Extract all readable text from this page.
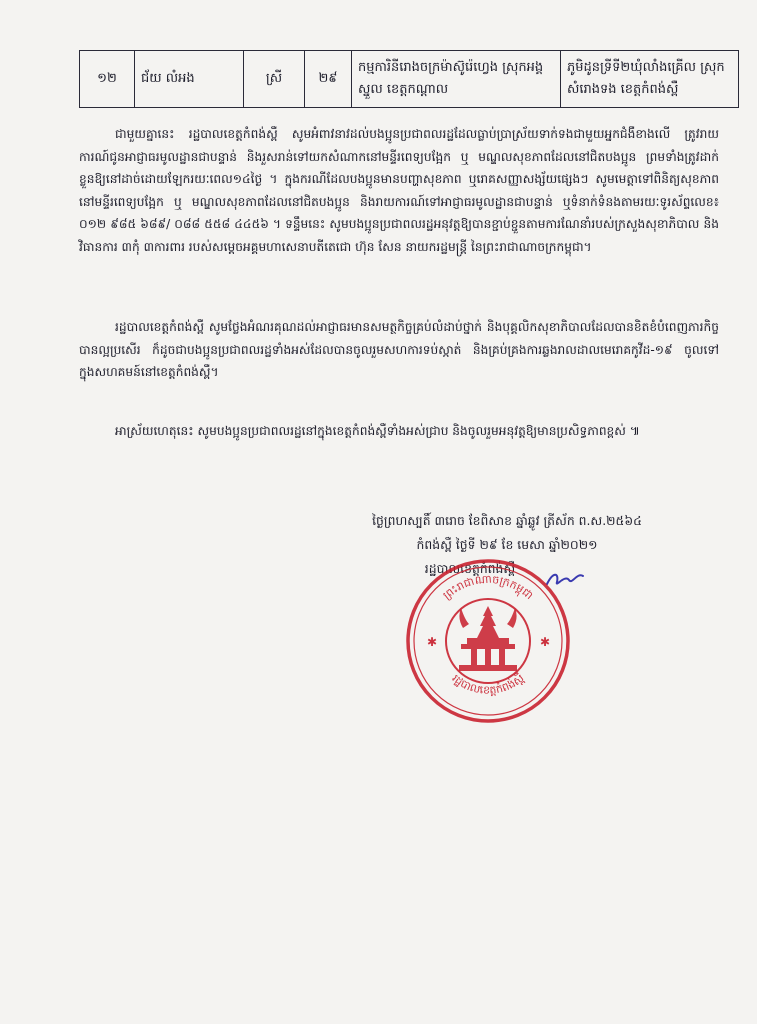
១២	ជ័យ លំអង	ស្រី	២៩	កម្មការិនីរោងចក្រម៉ាស៊ូរ៉េហ្វេង ស្រុកអង្គស្នួល ខេត្តកណ្ដាល	ភូមិដូនទ្រីទី២ឃុំលាំងគ្រើល ស្រុកសំរោងទង ខេត្តកំពង់ស្ពឺ
ជាមួយគ្នានេះ រដ្ឋបាលខេត្តកំពង់ស្ពឺ សូមអំពាវនាវដល់បងប្អូនប្រជាពលរដ្ឋដែលធ្លាប់ប្រាស្រ័យទាក់ទងជាមួយអ្នកជំងឺខាងលើ ត្រូវរាយការណ៍ជូនអាជ្ញាធរមូលដ្ឋានជាបន្ទាន់ និងរួសរាន់ទៅយកសំណាកនៅមន្ទីរពេទ្យបង្អែក ឬ មណ្ឌលសុខភាពដែលនៅជិតបងប្អូន ព្រមទាំងត្រូវដាក់ខ្លួនឱ្យនៅដាច់ដោយឡែករយៈពេល១៤ថ្ងៃ ។ ក្នុងករណីដែលបងប្អូនមានបញ្ហាសុខភាព ឬរោគសញ្ញាសង្ស័យផ្សេងៗ សូមមេត្តាទៅពិនិត្យសុខភាពនៅមន្ទីរពេទ្យបង្អែក ឬ មណ្ឌលសុខភាពដែលនៅជិតបងប្អូន និងរាយការណ៍ទៅអាជ្ញាធរមូលដ្ឋានជាបន្ទាន់ ឬទំនាក់ទំនងតាមរយៈទូរស័ព្ទលេខ៖ ០១២ ៩៨៥ ៦៨៩/ ០៨៨ ៥៥៨ ៤៤៥៦ ។ ទន្ទឹមនេះ សូមបងប្អូនប្រជាពលរដ្ឋអនុវត្តឱ្យបានខ្ជាប់ខ្ជួនតាមការណែនាំរបស់ក្រសួងសុខាភិបាល និងវិធានការ ៣កុំ ៣ការពារ របស់សម្ដេចអគ្គមហាសេនាបតីតេជោ ហ៊ុន សែន នាយករដ្ឋមន្ត្រី នៃព្រះរាជាណាចក្រកម្ពុជា។
រដ្ឋបាលខេត្តកំពង់ស្ពឺ សូមថ្លែងអំណរគុណដល់អាជ្ញាធរមានសមត្ថកិច្ចគ្រប់លំដាប់ថ្នាក់ និងបុគ្គលិកសុខាភិបាលដែលបានខិតខំបំពេញភារកិច្ចបានល្អប្រសើរ ក៏ដូចជាបងប្អូនប្រជាពលរដ្ឋទាំងអស់ដែលបានចូលរួមសហការទប់ស្កាត់ និងគ្រប់គ្រងការឆ្លងរាលដាលមេរោគកូវីដ-១៩ ចូលទៅក្នុងសហគមន៍នៅខេត្តកំពង់ស្ពឺ។
អាស្រ័យហេតុនេះ សូមបងប្អូនប្រជាពលរដ្ឋនៅក្នុងខេត្តកំពង់ស្ពឺទាំងអស់ជ្រាប និងចូលរួមអនុវត្តឱ្យមានប្រសិទ្ធភាពខ្ពស់ ៕
ថ្ងៃព្រហស្បតិ៍ ៣រោច ខែពិសាខ ឆ្នាំឆ្លូវ ត្រីស័ក ព.ស.២៥៦៤
កំពង់ស្ពឺ ថ្ងៃទី ២៩ ខែ មេសា ឆ្នាំ២០២១
រដ្ឋបាលខេត្តកំពង់ស្ពឺ
ព្រះរាជាណាចក្រកម្ពុជា
រដ្ឋបាលខេត្តកំពង់ស្ពឺ
✱	✱
